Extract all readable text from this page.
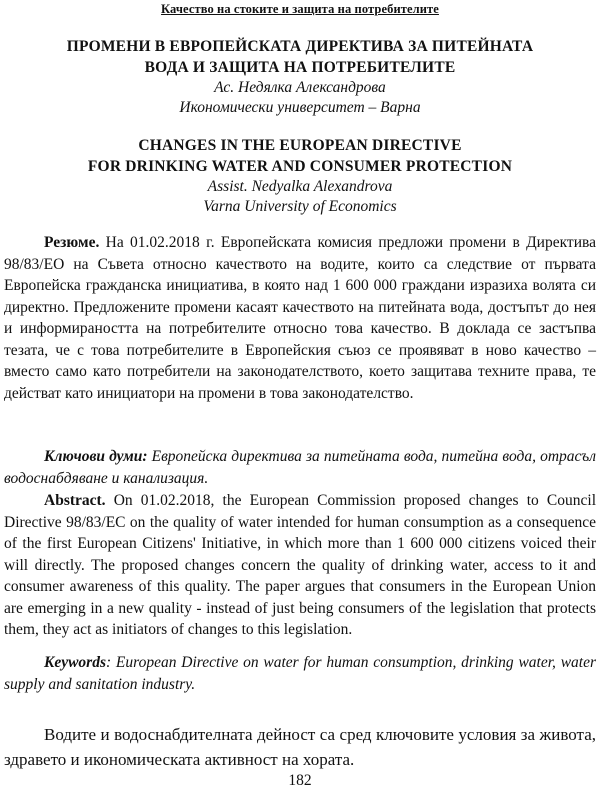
Качество на стоките и защита на потребителите
ПРОМЕНИ В ЕВРОПЕЙСКАТА ДИРЕКТИВА ЗА ПИТЕЙНАТА
ВОДА И ЗАЩИТА НА ПОТРЕБИТЕЛИТЕ
Ас. Недялка Александрова
Икономически университет – Варна
CHANGES IN THE EUROPEAN DIRECTIVE
FOR DRINKING WATER AND CONSUMER PROTECTION
Assist. Nedyalka Alexandrova
Varna University of Economics

Резюме. На 01.02.2018 г. Европейската комисия предложи промени в Директива 98/83/ЕО на Съвета относно качеството на водите, които са следствие от първата Европейска гражданска инициатива, в която над 1 600 000 граждани изразиха волята си директно. Предложените промени касаят качеството на питейната вода, достъпът до нея и информираността на потребителите относно това качество. В доклада се застъпва тезата, че с това потребителите в Европейския съюз се проявяват в ново качество – вместо само като потребители на законодателството, което защитава техните права, те действат като инициатори на промени в това законодателство.

Ключови думи: Европейска директива за питейната вода, питейна вода, отрасъл водоснабдяване и канализация.

Abstract. On 01.02.2018, the European Commission proposed changes to Council Directive 98/83/EC on the quality of water intended for human consumption as a consequence of the first European Citizens' Initiative, in which more than 1 600 000 citizens voiced their will directly. The proposed changes concern the quality of drinking water, access to it and consumer awareness of this quality. The paper argues that consumers in the European Union are emerging in a new quality - instead of just being consumers of the legislation that protects them, they act as initiators of changes to this legislation.

Keywords: European Directive on water for human consumption, drinking water, water supply and sanitation industry.

Водите и водоснабдителната дейност са сред ключовите условия за живота, здравето и икономическата активност на хората.

182
